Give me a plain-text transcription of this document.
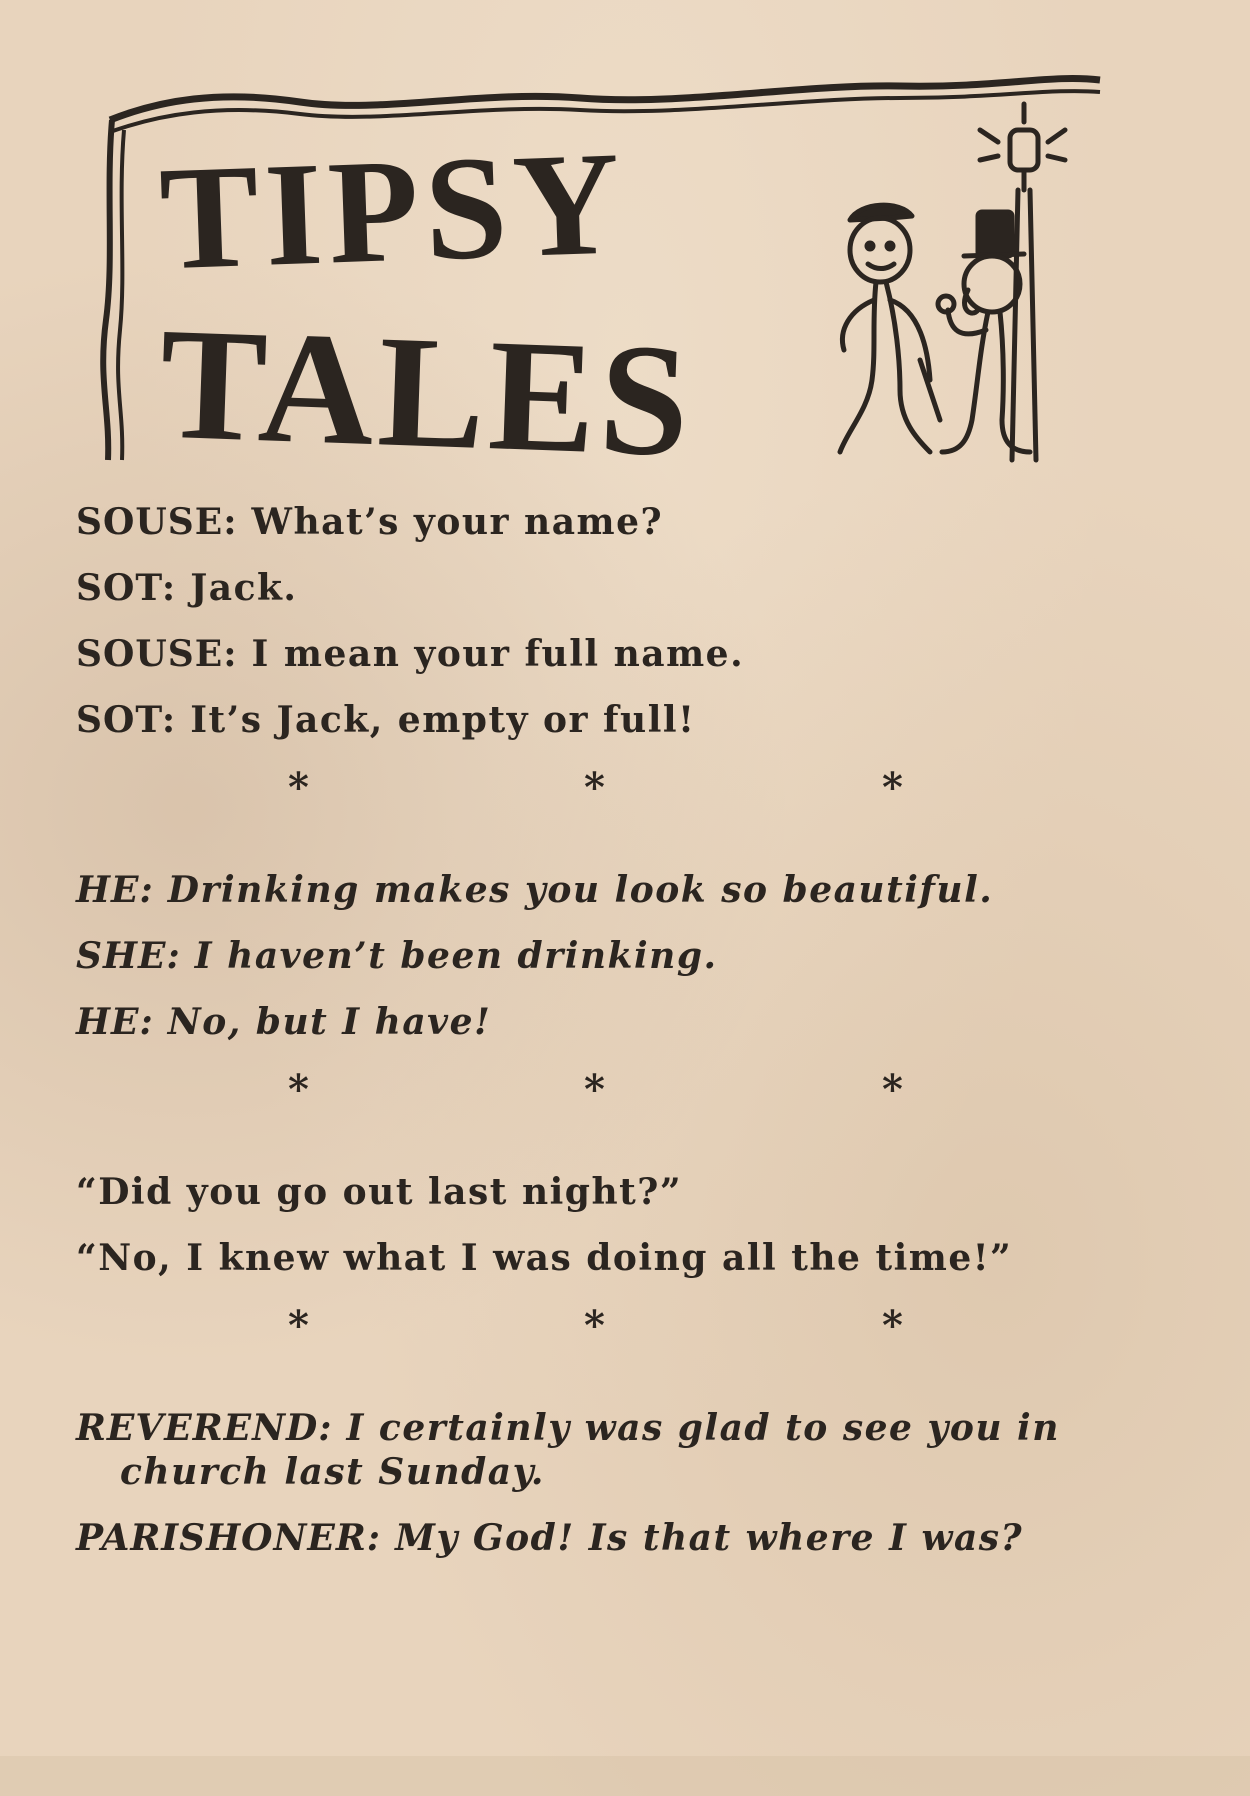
TIPSY
TALES

SOUSE: What’s your name?

SOT: Jack.

SOUSE: I mean your full name.

SOT: It’s Jack, empty or full!

*	*	*

HE: Drinking makes you look so beautiful.

SHE: I haven’t been drinking.

HE: No, but I have!

*	*	*

“Did you go out last night?”

“No, I knew what I was doing all the time!”

*	*	*

REVEREND: I certainly was glad to see you in

church last Sunday.

PARISHONER: My God! Is that where I was?
